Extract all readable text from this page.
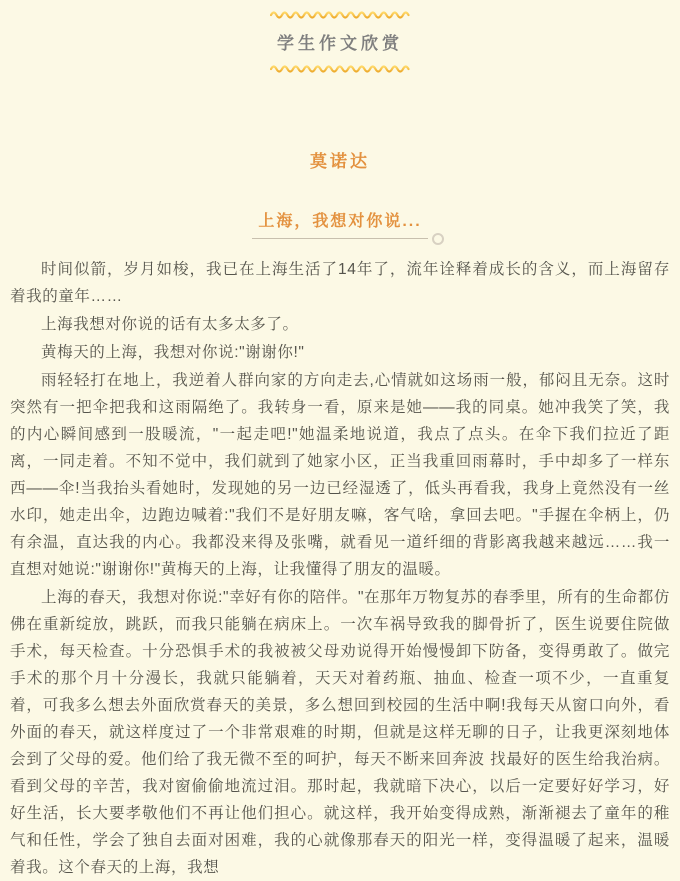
学生作文欣赏
莫诺达
上海，我想对你说...

时间似箭，岁月如梭，我已在上海生活了14年了，流年诠释着成长的含义，而上海留存着我的童年……

上海我想对你说的话有太多太多了。

黄梅天的上海，我想对你说:"谢谢你!"

雨轻轻打在地上，我逆着人群向家的方向走去,心情就如这场雨一般，郁闷且无奈。这时 突然有一把伞把我和这雨隔绝了。我转身一看，原来是她——我的同桌。她冲我笑了笑，我的内心瞬间感到一股暖流，"一起走吧!"她温柔地说道，我点了点头。在伞下我们拉近了距离，一同走着。不知不觉中，我们就到了她家小区，正当我重回雨幕时，手中却多了一样东西——伞!当我抬头看她时，发现她的另一边已经湿透了，低头再看我，我身上竟然没有一丝水印，她走出伞，边跑边喊着:"我们不是好朋友嘛，客气啥，拿回去吧。"手握在伞柄上，仍有余温，直达我的内心。我都没来得及张嘴，就看见一道纤细的背影离我越来越远……我一直想对她说:"谢谢你!"黄梅天的上海，让我懂得了朋友的温暖。

上海的春天，我想对你说:"幸好有你的陪伴。"在那年万物复苏的春季里，所有的生命都仿佛在重新绽放，跳跃，而我只能躺在病床上。一次车祸导致我的脚骨折了，医生说要住院做手术，每天检查。十分恐惧手术的我被被父母劝说得开始慢慢卸下防备，变得勇敢了。做完手术的那个月十分漫长，我就只能躺着，天天对着药瓶、抽血、检查一项不少，一直重复着，可我多么想去外面欣赏春天的美景，多么想回到校园的生活中啊!我每天从窗口向外，看外面的春天，就这样度过了一个非常艰难的时期，但就是这样无聊的日子，让我更深刻地体会到了父母的爱。他们给了我无微不至的呵护，每天不断来回奔波 找最好的医生给我治病。看到父母的辛苦，我对窗偷偷地流过泪。那时起，我就暗下决心，以后一定要好好学习，好好生活，长大要孝敬他们不再让他们担心。就这样，我开始变得成熟，渐渐褪去了童年的稚气和任性，学会了独自去面对困难，我的心就像那春天的阳光一样，变得温暖了起来，温暖着我。这个春天的上海，我想
